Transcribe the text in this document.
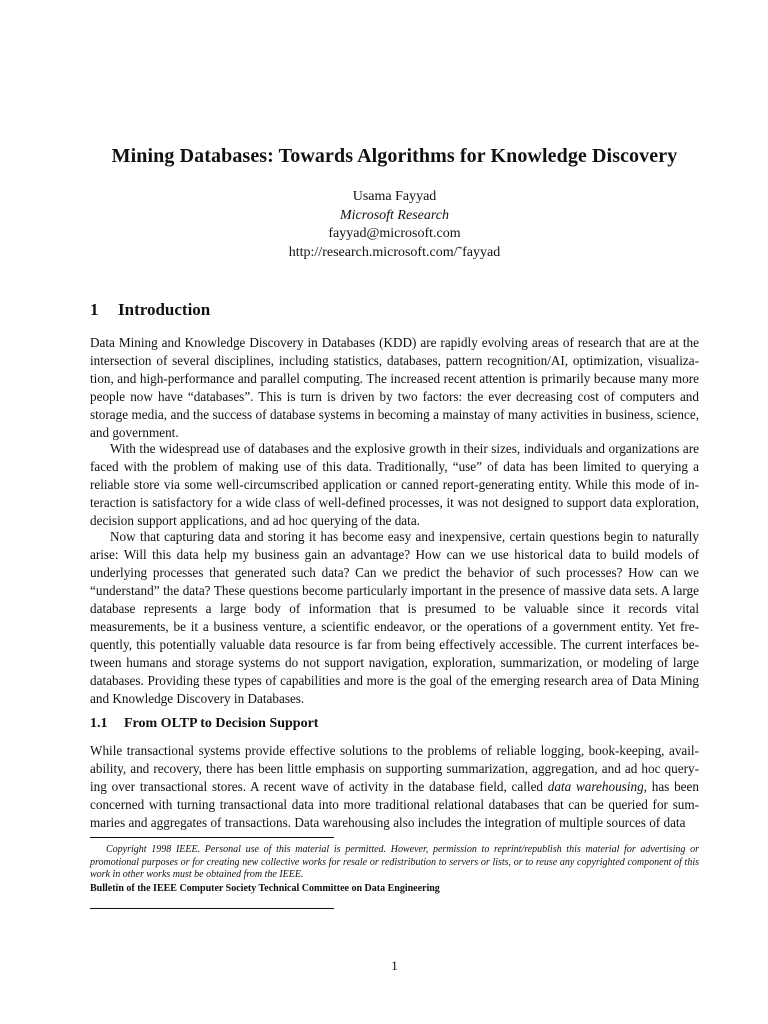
Mining Databases: Towards Algorithms for Knowledge Discovery
Usama Fayyad
Microsoft Research
fayyad@microsoft.com
http://research.microsoft.com/˜fayyad
1 Introduction

Data Mining and Knowledge Discovery in Databases (KDD) are rapidly evolving areas of research that are at the intersection of several disciplines, including statistics, databases, pattern recognition/AI, optimization, visualization, and high-performance and parallel computing. The increased recent attention is primarily because many more people now have “databases”. This is turn is driven by two factors: the ever decreasing cost of computers and storage media, and the success of database systems in becoming a mainstay of many activities in business, science, and government.

With the widespread use of databases and the explosive growth in their sizes, individuals and organizations are faced with the problem of making use of this data. Traditionally, “use” of data has been limited to querying a reliable store via some well-circumscribed application or canned report-generating entity. While this mode of interaction is satisfactory for a wide class of well-defined processes, it was not designed to support data exploration, decision support applications, and ad hoc querying of the data.

Now that capturing data and storing it has become easy and inexpensive, certain questions begin to naturally arise: Will this data help my business gain an advantage? How can we use historical data to build models of underlying processes that generated such data? Can we predict the behavior of such processes? How can we “understand” the data? These questions become particularly important in the presence of massive data sets. A large database represents a large body of information that is presumed to be valuable since it records vital measurements, be it a business venture, a scientific endeavor, or the operations of a government entity. Yet frequently, this potentially valuable data resource is far from being effectively accessible. The current interfaces between humans and storage systems do not support navigation, exploration, summarization, or modeling of large databases. Providing these types of capabilities and more is the goal of the emerging research area of Data Mining and Knowledge Discovery in Databases.

1.1 From OLTP to Decision Support

While transactional systems provide effective solutions to the problems of reliable logging, book-keeping, availability, and recovery, there has been little emphasis on supporting summarization, aggregation, and ad hoc querying over transactional stores. A recent wave of activity in the database field, called data warehousing, has been concerned with turning transactional data into more traditional relational databases that can be queried for summaries and aggregates of transactions. Data warehousing also includes the integration of multiple sources of data

Copyright 1998 IEEE. Personal use of this material is permitted. However, permission to reprint/republish this material for advertising or promotional purposes or for creating new collective works for resale or redistribution to servers or lists, or to reuse any copyrighted component of this work in other works must be obtained from the IEEE.
Bulletin of the IEEE Computer Society Technical Committee on Data Engineering
1
